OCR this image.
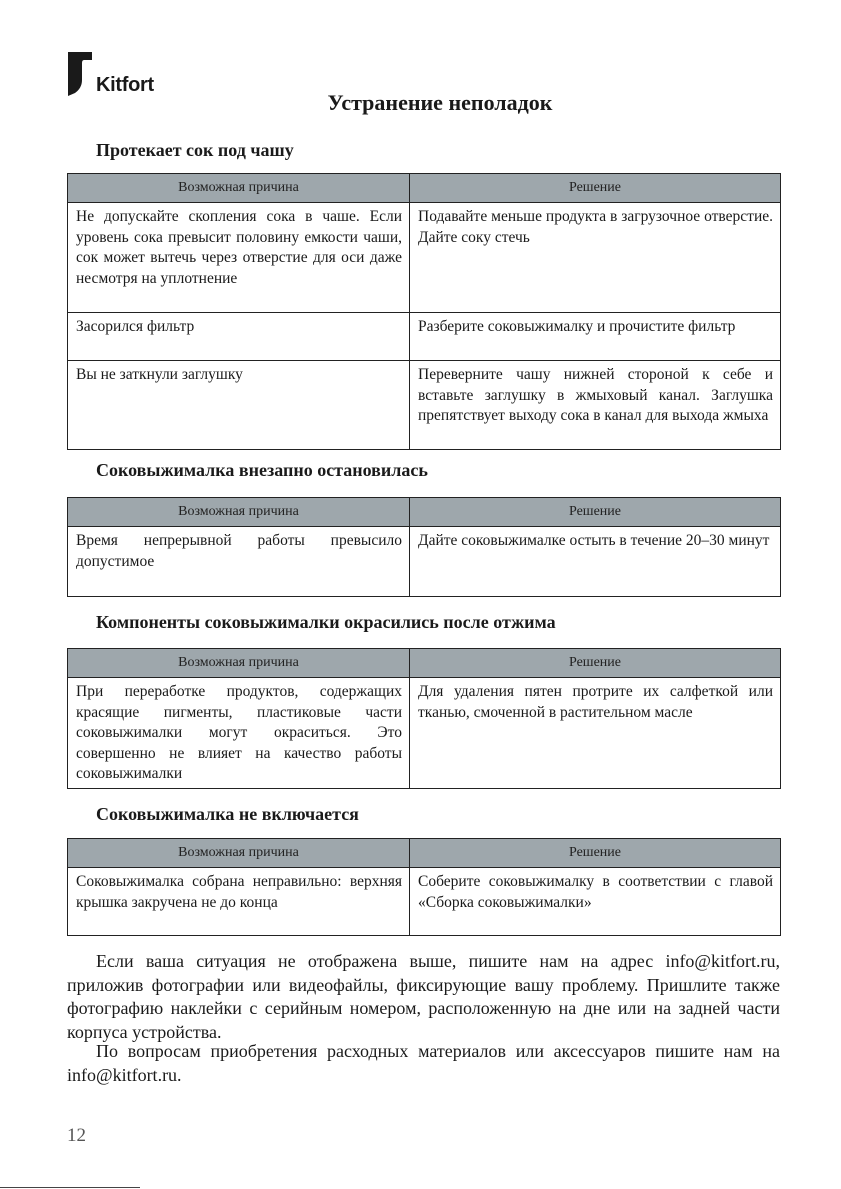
Kitfort
Устранение неполадок
Протекает сок под чашу
Возможная причина	Решение
Не допускайте скопления сока в чаше. Если уровень сока превысит половину емкости чаши, сок может вытечь через отверстие для оси даже несмотря на уплотнение	Подавайте меньше продукта в загрузочное отверстие. Дайте соку стечь
Засорился фильтр	Разберите соковыжималку и прочистите фильтр
Вы не заткнули заглушку	Переверните чашу нижней стороной к себе и вставьте заглушку в жмыховый канал. Заглушка препятствует выходу сока в канал для выхода жмыха
Соковыжималка внезапно остановилась
Возможная причина	Решение
Время непрерывной работы превысило допустимое	Дайте соковыжималке остыть в течение 20–30 минут
Компоненты соковыжималки окрасились после отжима
Возможная причина	Решение
При переработке продуктов, содержащих красящие пигменты, пластиковые части соковыжималки могут окраситься. Это совершенно не влияет на качество работы соковыжималки	Для удаления пятен протрите их салфеткой или тканью, смоченной в растительном масле
Соковыжималка не включается
Возможная причина	Решение
Соковыжималка собрана неправильно: верхняя крышка закручена не до конца	Соберите соковыжималку в соответствии с главой «Сборка соковыжималки»

Если ваша ситуация не отображена выше, пишите нам на адрес info@kitfort.ru, приложив фотографии или видеофайлы, фиксирующие вашу проблему. Пришлите также фотографию наклейки с серийным номером, расположенную на дне или на задней части корпуса устройства.

По вопросам приобретения расходных материалов или аксессуаров пишите нам на info@kitfort.ru.

12
